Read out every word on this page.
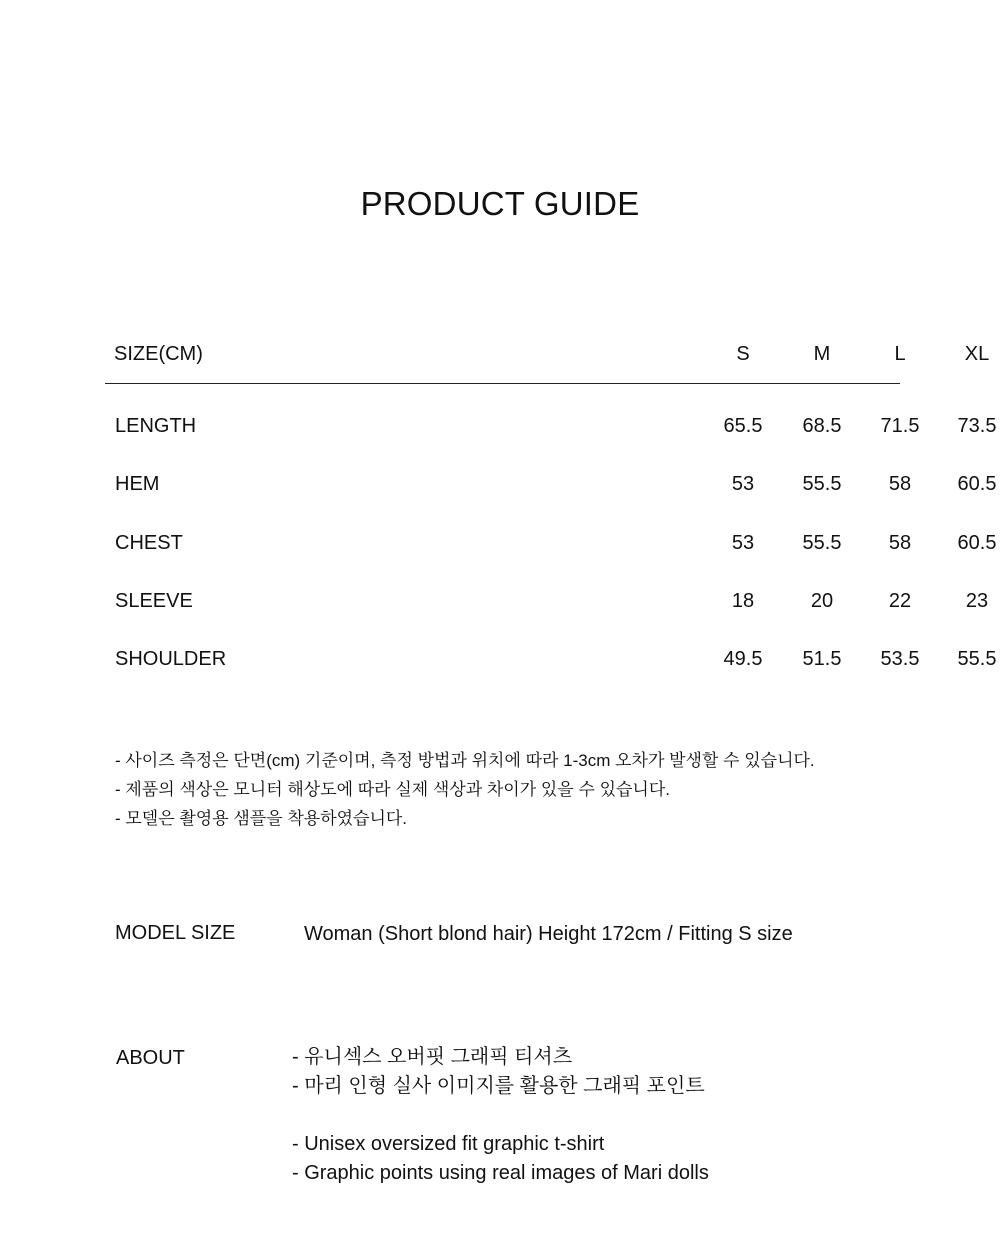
PRODUCT GUIDE
SIZE(CM)	S	M	L	XL
LENGTH	65.5	68.5	71.5	73.5
HEM	53	55.5	58	60.5
CHEST	53	55.5	58	60.5
SLEEVE	18	20	22	23
SHOULDER	49.5	51.5	53.5	55.5
- 사이즈 측정은 단면(cm) 기준이며, 측정 방법과 위치에 따라 1-3cm 오차가 발생할 수 있습니다.
- 제품의 색상은 모니터 해상도에 따라 실제 색상과 차이가 있을 수 있습니다.
- 모델은 촬영용 샘플을 착용하였습니다.
MODEL SIZE	Woman (Short blond hair) Height 172cm / Fitting S size
ABOUT	- 유니섹스 오버핏 그래픽 티셔츠
- 마리 인형 실사 이미지를 활용한 그래픽 포인트
- Unisex oversized fit graphic t-shirt
- Graphic points using real images of Mari dolls
